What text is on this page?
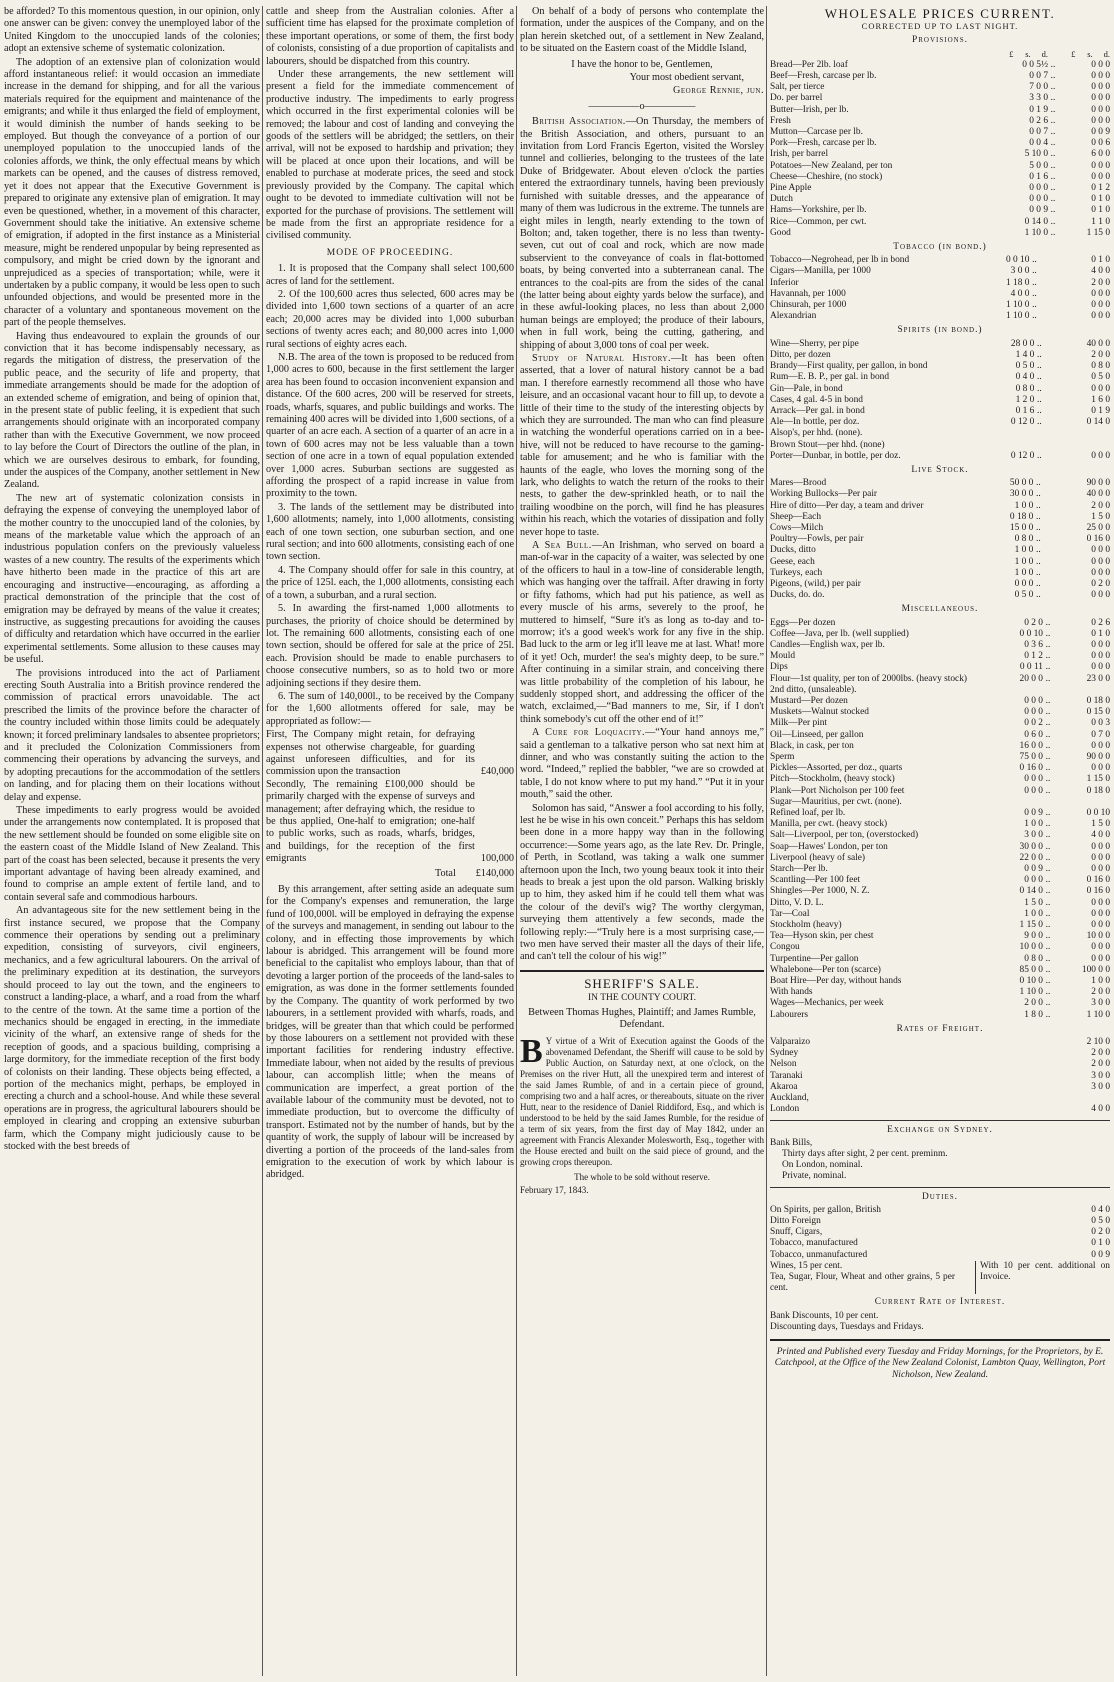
be afforded? To this momentous question, in our opinion, only one answer can be given: convey the unemployed labor of the United Kingdom to the unoccupied lands of the colonies; adopt an extensive scheme of systematic colonization.

The adoption of an extensive plan of colonization would afford instantaneous relief: it would occasion an immediate increase in the demand for shipping, and for all the various materials required for the equipment and maintenance of the emigrants; and while it thus enlarged the field of employment, it would diminish the number of hands seeking to be employed. But though the conveyance of a portion of our unemployed population to the unoccupied lands of the colonies affords, we think, the only effectual means by which markets can be opened, and the causes of distress removed, yet it does not appear that the Executive Government is prepared to originate any extensive plan of emigration. It may even be questioned, whether, in a movement of this character, Government should take the initiative. An extensive scheme of emigration, if adopted in the first instance as a Ministerial measure, might be rendered unpopular by being represented as compulsory, and might be cried down by the ignorant and unprejudiced as a species of transportation; while, were it undertaken by a public company, it would be less open to such unfounded objections, and would be presented more in the character of a voluntary and spontaneous movement on the part of the people themselves.

Having thus endeavoured to explain the grounds of our conviction that it has become indispensably necessary, as regards the mitigation of distress, the preservation of the public peace, and the security of life and property, that immediate arrangements should be made for the adoption of an extended scheme of emigration, and being of opinion that, in the present state of public feeling, it is expedient that such arrangements should originate with an incorporated company rather than with the Executive Government, we now proceed to lay before the Court of Directors the outline of the plan, in which we are ourselves desirous to embark, for founding, under the auspices of the Company, another settlement in New Zealand.

The new art of systematic colonization consists in defraying the expense of conveying the unemployed labor of the mother country to the unoccupied land of the colonies, by means of the marketable value which the approach of an industrious population confers on the previously valueless wastes of a new country. The results of the experiments which have hitherto been made in the practice of this art are encouraging and instructive—encouraging, as affording a practical demonstration of the principle that the cost of emigration may be defrayed by means of the value it creates; instructive, as suggesting precautions for avoiding the causes of difficulty and retardation which have occurred in the earlier experimental settlements. Some allusion to these causes may be useful.

The provisions introduced into the act of Parliament erecting South Australia into a British province rendered the commission of practical errors unavoidable. The act prescribed the limits of the province before the character of the country included within those limits could be adequately known; it forced preliminary landsales to absentee proprietors; and it precluded the Colonization Commissioners from commencing their operations by advancing the surveys, and by adopting precautions for the accommodation of the settlers on landing, and for placing them on their locations without delay and expense.

These impediments to early progress would be avoided under the arrangements now contemplated. It is proposed that the new settlement should be founded on some eligible site on the eastern coast of the Middle Island of New Zealand. This part of the coast has been selected, because it presents the very important advantage of having been already examined, and found to comprise an ample extent of fertile land, and to contain several safe and commodious harbours.

An advantageous site for the new settlement being in the first instance secured, we propose that the Company commence their operations by sending out a preliminary expedition, consisting of surveyors, civil engineers, mechanics, and a few agricultural labourers. On the arrival of the preliminary expedition at its destination, the surveyors should proceed to lay out the town, and the engineers to construct a landing-place, a wharf, and a road from the wharf to the centre of the town. At the same time a portion of the mechanics should be engaged in erecting, in the immediate vicinity of the wharf, an extensive range of sheds for the reception of goods, and a spacious building, comprising a large dormitory, for the immediate reception of the first body of colonists on their landing. These objects being effected, a portion of the mechanics might, perhaps, be employed in erecting a church and a school-house. And while these several operations are in progress, the agricultural labourers should be employed in clearing and cropping an extensive suburban farm, which the Company might judiciously cause to be stocked with the best breeds of

cattle and sheep from the Australian colonies. After a sufficient time has elapsed for the proximate completion of these important operations, or some of them, the first body of colonists, consisting of a due proportion of capitalists and labourers, should be dispatched from this country.

Under these arrangements, the new settlement will present a field for the immediate commencement of productive industry. The impediments to early progress which occurred in the first experimental colonies will be removed; the labour and cost of landing and conveying the goods of the settlers will be abridged; the settlers, on their arrival, will not be exposed to hardship and privation; they will be placed at once upon their locations, and will be enabled to purchase at moderate prices, the seed and stock previously provided by the Company. The capital which ought to be devoted to immediate cultivation will not be exported for the purchase of provisions. The settlement will be made from the first an appropriate residence for a civilised community.

MODE OF PROCEEDING.

1. It is proposed that the Company shall select 100,600 acres of land for the settlement.

2. Of the 100,600 acres thus selected, 600 acres may be divided into 1,600 town sections of a quarter of an acre each; 20,000 acres may be divided into 1,000 suburban sections of twenty acres each; and 80,000 acres into 1,000 rural sections of eighty acres each.

N.B. The area of the town is proposed to be reduced from 1,000 acres to 600, because in the first settlement the larger area has been found to occasion inconvenient expansion and distance. Of the 600 acres, 200 will be reserved for streets, roads, wharfs, squares, and public buildings and works. The remaining 400 acres will be divided into 1,600 sections, of a quarter of an acre each. A section of a quarter of an acre in a town of 600 acres may not be less valuable than a town section of one acre in a town of equal population extended over 1,000 acres. Suburban sections are suggested as affording the prospect of a rapid increase in value from proximity to the town.

3. The lands of the settlement may be distributed into 1,600 allotments; namely, into 1,000 allotments, consisting each of one town section, one suburban section, and one rural section; and into 600 allotments, consisting each of one town section.

4. The Company should offer for sale in this country, at the price of 125l. each, the 1,000 allotments, consisting each of a town, a suburban, and a rural section.

5. In awarding the first-named 1,000 allotments to purchases, the priority of choice should be determined by lot. The remaining 600 allotments, consisting each of one town section, should be offered for sale at the price of 25l. each. Provision should be made to enable purchasers to choose consecutive numbers, so as to hold two or more adjoining sections if they desire them.

6. The sum of 140,000l., to be received by the Company for the 1,600 allotments offered for sale, may be appropriated as follow:—

First, The Company might retain, for defraying expenses not otherwise chargeable, for guarding against unforeseen difficulties, and for its commission upon the transaction	£40,000
Secondly, The remaining £100,000 should be primarily charged with the expense of surveys and management; after defraying which, the residue to be thus applied, One-half to emigration; one-half to public works, such as roads, wharfs, bridges, and buildings, for the reception of the first emigrants	100,000
Total £140,000

By this arrangement, after setting aside an adequate sum for the Company's expenses and remuneration, the large fund of 100,000l. will be employed in defraying the expense of the surveys and management, in sending out labour to the colony, and in effecting those improvements by which labour is abridged. This arrangement will be found more beneficial to the capitalist who employs labour, than that of devoting a larger portion of the proceeds of the land-sales to emigration, as was done in the former settlements founded by the Company. The quantity of work performed by two labourers, in a settlement provided with wharfs, roads, and bridges, will be greater than that which could be performed by those labourers on a settlement not provided with these important facilities for rendering industry effective. Immediate labour, when not aided by the results of previous labour, can accomplish little; when the means of communication are imperfect, a great portion of the available labour of the community must be devoted, not to immediate production, but to overcome the difficulty of transport. Estimated not by the number of hands, but by the quantity of work, the supply of labour will be increased by diverting a portion of the proceeds of the land-sales from emigration to the execution of work by which labour is abridged.

On behalf of a body of persons who contemplate the formation, under the auspices of the Company, and on the plan herein sketched out, of a settlement in New Zealand, to be situated on the Eastern coast of the Middle Island,

I have the honor to be, Gentlemen,

Your most obedient servant,

George Rennie, jun.

—————o—————

British Association.—On Thursday, the members of the British Association, and others, pursuant to an invitation from Lord Francis Egerton, visited the Worsley tunnel and collieries, belonging to the trustees of the late Duke of Bridgewater. About eleven o'clock the parties entered the extraordinary tunnels, having been previously furnished with suitable dresses, and the appearance of many of them was ludicrous in the extreme. The tunnels are eight miles in length, nearly extending to the town of Bolton; and, taken together, there is no less than twenty-seven, cut out of coal and rock, which are now made subservient to the conveyance of coals in flat-bottomed boats, by being converted into a subterranean canal. The entrances to the coal-pits are from the sides of the canal (the latter being about eighty yards below the surface), and in these awful-looking places, no less than about 2,000 human beings are employed; the produce of their labours, when in full work, being the cutting, gathering, and shipping of about 3,000 tons of coal per week.

Study of Natural History.—It has been often asserted, that a lover of natural history cannot be a bad man. I therefore earnestly recommend all those who have leisure, and an occasional vacant hour to fill up, to devote a little of their time to the study of the interesting objects by which they are surrounded. The man who can find pleasure in watching the wonderful operations carried on in a bee-hive, will not be reduced to have recourse to the gaming-table for amusement; and he who is familiar with the haunts of the eagle, who loves the morning song of the lark, who delights to watch the return of the rooks to their nests, to gather the dew-sprinkled heath, or to nail the trailing woodbine on the porch, will find he has pleasures within his reach, which the votaries of dissipation and folly never hope to taste.

A Sea Bull.—An Irishman, who served on board a man-of-war in the capacity of a waiter, was selected by one of the officers to haul in a tow-line of considerable length, which was hanging over the taffrail. After drawing in forty or fifty fathoms, which had put his patience, as well as every muscle of his arms, severely to the proof, he muttered to himself, “Sure it's as long as to-day and to-morrow; it's a good week's work for any five in the ship. Bad luck to the arm or leg it'll leave me at last. What! more of it yet! Och, murder! the sea's mighty deep, to be sure.” After continuing in a similar strain, and conceiving there was little probability of the completion of his labour, he suddenly stopped short, and addressing the officer of the watch, exclaimed,—“Bad manners to me, Sir, if I don't think somebody's cut off the other end of it!”

A Cure for Loquacity.—“Your hand annoys me,” said a gentleman to a talkative person who sat next him at dinner, and who was constantly suiting the action to the word. “Indeed,” replied the babbler, “we are so crowded at table, I do not know where to put my hand.” “Put it in your mouth,” said the other.

Solomon has said, “Answer a fool according to his folly, lest he be wise in his own conceit.” Perhaps this has seldom been done in a more happy way than in the following occurrence:—Some years ago, as the late Rev. Dr. Pringle, of Perth, in Scotland, was taking a walk one summer afternoon upon the Inch, two young beaux took it into their heads to break a jest upon the old parson. Walking briskly up to him, they asked him if he could tell them what was the colour of the devil's wig? The worthy clergyman, surveying them attentively a few seconds, made the following reply:—“Truly here is a most surprising case,—two men have served their master all the days of their life, and can't tell the colour of his wig!”

SHERIFF'S SALE.
IN THE COUNTY COURT.
Between Thomas Hughes, Plaintiff; and James Rumble, Defendant.
B Y virtue of a Writ of Execution against the Goods of the abovenamed Defendant, the Sheriff will cause to be sold by Public Auction, on Saturday next, at one o'clock, on the Premises on the river Hutt, all the unexpired term and interest of the said James Rumble, of and in a certain piece of ground, comprising two and a half acres, or thereabouts, situate on the river Hutt, near to the residence of Daniel Riddiford, Esq., and which is understood to be held by the said James Rumble, for the residue of a term of six years, from the first day of May 1842, under an agreement with Francis Alexander Molesworth, Esq., together with the House erected and built on the said piece of ground, and the growing crops thereupon.
The whole to be sold without reserve.
February 17, 1843.
WHOLESALE PRICES CURRENT.
CORRECTED UP TO LAST NIGHT.
Provisions.
	£	s.	d.		£	s.	d.
Bread—Per 2lb. loaf	0 0 5½			..	0 0 0		
Beef—Fresh, carcase per lb.	0 0 7			..	0 0 0		
Salt, per tierce	7 0 0			..	0 0 0		
Do. per barrel	3 3 0			..	0 0 0		
Butter—Irish, per lb.	0 1 9			..	0 0 0		
Fresh	0 2 6			..	0 0 0		
Mutton—Carcase per lb.	0 0 7			..	0 0 9		
Pork—Fresh, carcase per lb.	0 0 4			..	0 0 6		
Irish, per barrel	5 10 0			..	6 0 0		
Potatoes—New Zealand, per ton	5 0 0			..	0 0 0		
Cheese—Cheshire, (no stock)	0 1 6			..	0 0 0		
Pine Apple	0 0 0			..	0 1 2		
Dutch	0 0 0			..	0 1 0		
Hams—Yorkshire, per lb.	0 0 9			..	0 1 0		
Rice—Common, per cwt.	0 14 0			..	1 1 0		
Good	1 10 0			..	1 15 0		
Tobacco (in bond.)
Tobacco—Negrohead, per lb in bond	0 0 10	..	0 1 0
Cigars—Manilla, per 1000	3 0 0	..	4 0 0
Inferior	1 18 0	..	2 0 0
Havannah, per 1000	4 0 0	..	0 0 0
Chinsurah, per 1000	1 10 0	..	0 0 0
Alexandrian	1 10 0	..	0 0 0
Spirits (in bond.)
Wine—Sherry, per pipe	28 0 0	..	40 0 0
Ditto, per dozen	1 4 0	..	2 0 0
Brandy—First quality, per gallon, in bond	0 5 0	..	0 8 0
Rum—E. B. P., per gal. in bond	0 4 0	..	0 5 0
Gin—Pale, in bond	0 8 0	..	0 0 0
Cases, 4 gal. 4-5 in bond	1 2 0	..	1 6 0
Arrack—Per gal. in bond	0 1 6	..	0 1 9
Ale—In bottle, per doz.	0 12 0	..	0 14 0
Alsop's, per hhd. (none).			
Brown Stout—per hhd. (none)			
Porter—Dunbar, in bottle, per doz.	0 12 0	..	0 0 0
Live Stock.
Mares—Brood	50 0 0	..	90 0 0
Working Bullocks—Per pair	30 0 0	..	40 0 0
Hire of ditto—Per day, a team and driver	1 0 0	..	2 0 0
Sheep—Each	0 18 0	..	1 5 0
Cows—Milch	15 0 0	..	25 0 0
Poultry—Fowls, per pair	0 8 0	..	0 16 0
Ducks, ditto	1 0 0	..	0 0 0
Geese, each	1 0 0	..	0 0 0
Turkeys, each	1 0 0	..	0 0 0
Pigeons, (wild,) per pair	0 0 0	..	0 2 0
Ducks, do. do.	0 5 0	..	0 0 0
Miscellaneous.
Eggs—Per dozen	0 2 0	..	0 2 6
Coffee—Java, per lb. (well supplied)	0 0 10	..	0 1 0
Candles—English wax, per lb.	0 3 6	..	0 0 0
Mould	0 1 2	..	0 0 0
Dips	0 0 11	..	0 0 0
Flour—1st quality, per ton of 2000lbs. (heavy stock)	20 0 0	..	23 0 0
2nd ditto, (unsaleable).			
Mustard—Per dozen	0 0 0	..	0 18 0
Muskets—Walnut stocked	0 0 0	..	0 15 0
Milk—Per pint	0 0 2	..	0 0 3
Oil—Linseed, per gallon	0 6 0	..	0 7 0
Black, in cask, per ton	16 0 0	..	0 0 0
Sperm	75 0 0	..	90 0 0
Pickles—Assorted, per doz., quarts	0 16 0	..	0 0 0
Pitch—Stockholm, (heavy stock)	0 0 0	..	1 15 0
Plank—Port Nicholson per 100 feet	0 0 0	..	0 18 0
Sugar—Mauritius, per cwt. (none).			
Refined loaf, per lb.	0 0 9	..	0 0 10
Manilla, per cwt. (heavy stock)	1 0 0	..	1 5 0
Salt—Liverpool, per ton, (overstocked)	3 0 0	..	4 0 0
Soap—Hawes' London, per ton	30 0 0	..	0 0 0
Liverpool (heavy of sale)	22 0 0	..	0 0 0
Starch—Per lb.	0 0 9	..	0 0 0
Scantling—Per 100 feet	0 0 0	..	0 16 0
Shingles—Per 1000, N. Z.	0 14 0	..	0 16 0
Ditto, V. D. L.	1 5 0	..	0 0 0
Tar—Coal	1 0 0	..	0 0 0
Stockholm (heavy)	1 15 0	..	0 0 0
Tea—Hyson skin, per chest	9 0 0	..	10 0 0
Congou	10 0 0	..	0 0 0
Turpentine—Per gallon	0 8 0	..	0 0 0
Whalebone—Per ton (scarce)	85 0 0	..	100 0 0
Boat Hire—Per day, without hands	0 10 0	..	1 0 0
With hands	1 10 0	..	2 0 0
Wages—Mechanics, per week	2 0 0	..	3 0 0
Labourers	1 8 0	..	1 10 0
Rates of Freight.
Valparaizo	2 10 0
Sydney	2 0 0
Nelson	2 0 0
Taranaki	3 0 0
Akaroa	3 0 0
Auckland,	
London	4 0 0
Exchange on Sydney.
Bank Bills,
Thirty days after sight, 2 per cent. preminm.
On London, nominal.
Private, nominal.
Duties.
On Spirits, per gallon, British	0 4 0
Ditto Foreign	0 5 0
Snuff, Cigars,	0 2 0
Tobacco, manufactured	0 1 0
Tobacco, unmanufactured	0 0 9
Wines, 15 per cent.
Tea, Sugar, Flour, Wheat and other grains, 5 per cent.
With 10 per cent. additional on Invoice.
Current Rate of Interest.
Bank Discounts, 10 per cent.
Discounting days, Tuesdays and Fridays.
Printed and Published every Tuesday and Friday Mornings, for the Proprietors, by E. Catchpool, at the Office of the New Zealand Colonist, Lambton Quay, Wellington, Port Nicholson, New Zealand.
